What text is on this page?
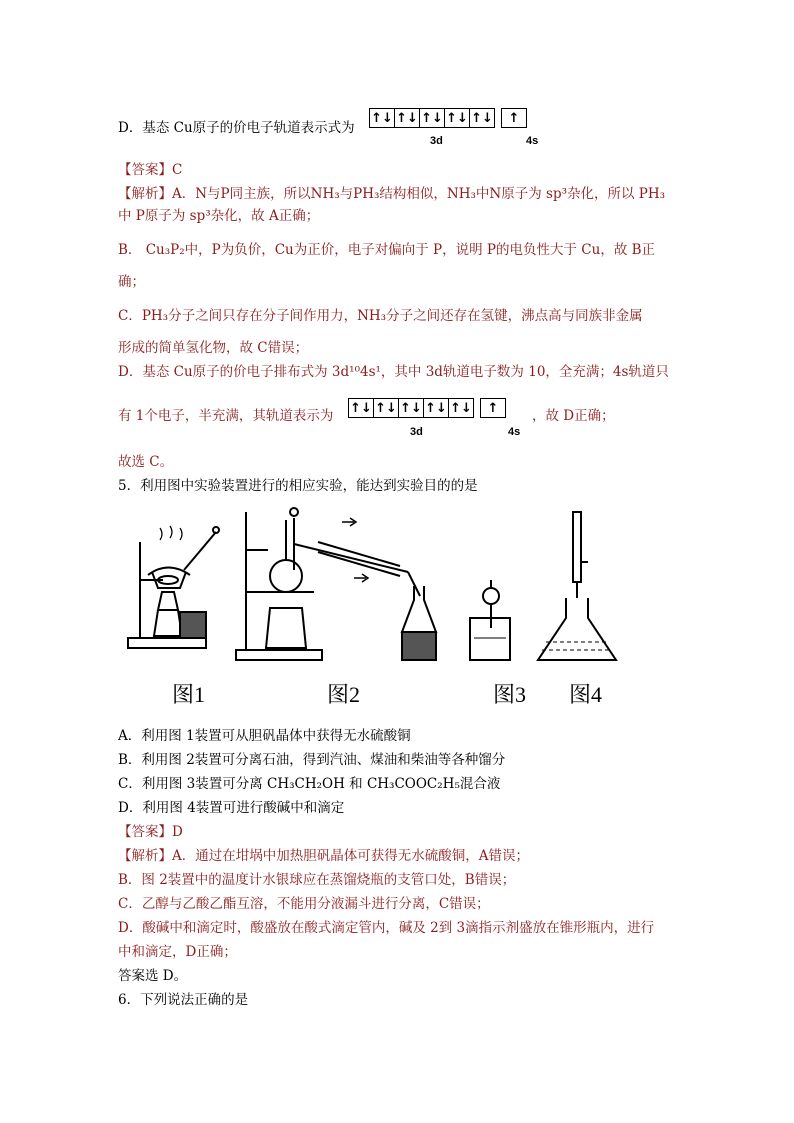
D．基态 Cu原子的价电子轨道表示式为
↑↓ ↑↓ ↑↓ ↑↓ ↑↓	↑
3d	4s
【答案】C
【解析】A．N与P同主族，所以NH₃与PH₃结构相似，NH₃中N原子为 sp³杂化，所以 PH₃
中 P原子为 sp³杂化，故 A正确；
B． Cu₃P₂中，P为负价，Cu为正价，电子对偏向于 P，说明 P的电负性大于 Cu，故 B正
确；
C．PH₃分子之间只存在分子间作用力，NH₃分子之间还存在氢键，沸点高与同族非金属
形成的简单氢化物，故 C错误；
D．基态 Cu原子的价电子排布式为 3d¹⁰4s¹，其中 3d轨道电子数为 10，全充满；4s轨道只
有 1个电子，半充满，其轨道表示为 ↑↓ ↑↓ ↑↓ ↑↓ ↑↓	↑
3d	4s
，故 D正确；
故选 C。
5．利用图中实验装置进行的相应实验，能达到实验目的的是
图1	图2	图3 图4
A．利用图 1装置可从胆矾晶体中获得无水硫酸铜
B．利用图 2装置可分离石油，得到汽油、煤油和柴油等各种馏分
C．利用图 3装置可分离 CH₃CH₂OH 和 CH₃COOC₂H₅混合液
D．利用图 4装置可进行酸碱中和滴定
【答案】D
【解析】A．通过在坩埚中加热胆矾晶体可获得无水硫酸铜，A错误；
B．图 2装置中的温度计水银球应在蒸馏烧瓶的支管口处，B错误；
C．乙醇与乙酸乙酯互溶，不能用分液漏斗进行分离，C错误；
D．酸碱中和滴定时，酸盛放在酸式滴定管内，碱及 2到 3滴指示剂盛放在锥形瓶内，进行
中和滴定，D正确；
答案选 D。
6．下列说法正确的是
